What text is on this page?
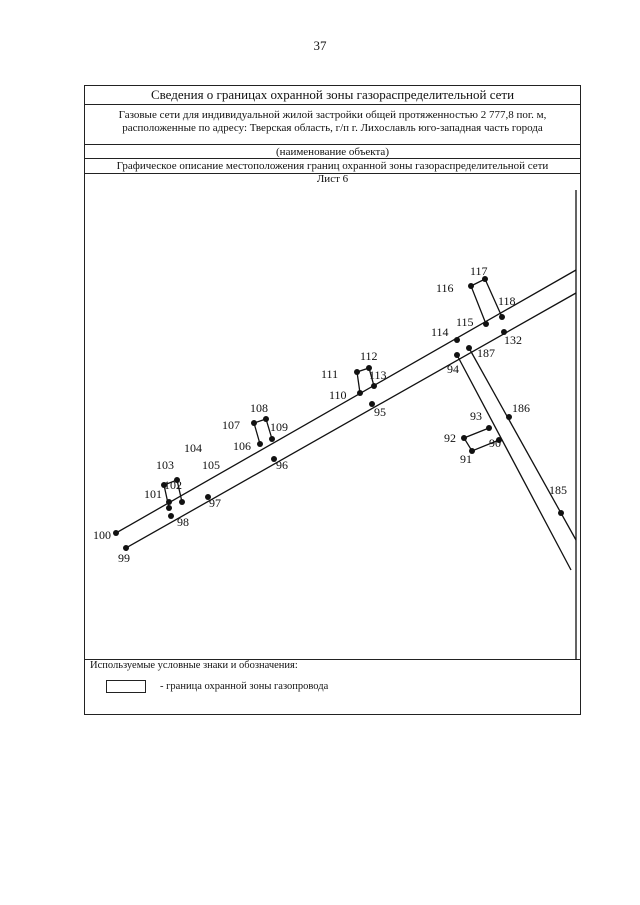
37
Сведения о границах охранной зоны газораспределительной сети
Газовые сети для индивидуальной жилой застройки общей протяженностью 2 777,8 пог. м,
расположенные по адресу: Тверская область, г/п г. Лихославль юго-западная часть города
(наименование объекта)
Графическое описание местоположения границ охранной зоны газораспределительной сети
Лист 6
99
100
97
98
101
102
103
104
105
106
107
108
109
96
95
110
111
112
113	94
114
115
116
117
118
132
187
93
92
91
90
186
185
Используемые условные знаки и обозначения:
- граница охранной зоны газопровода
